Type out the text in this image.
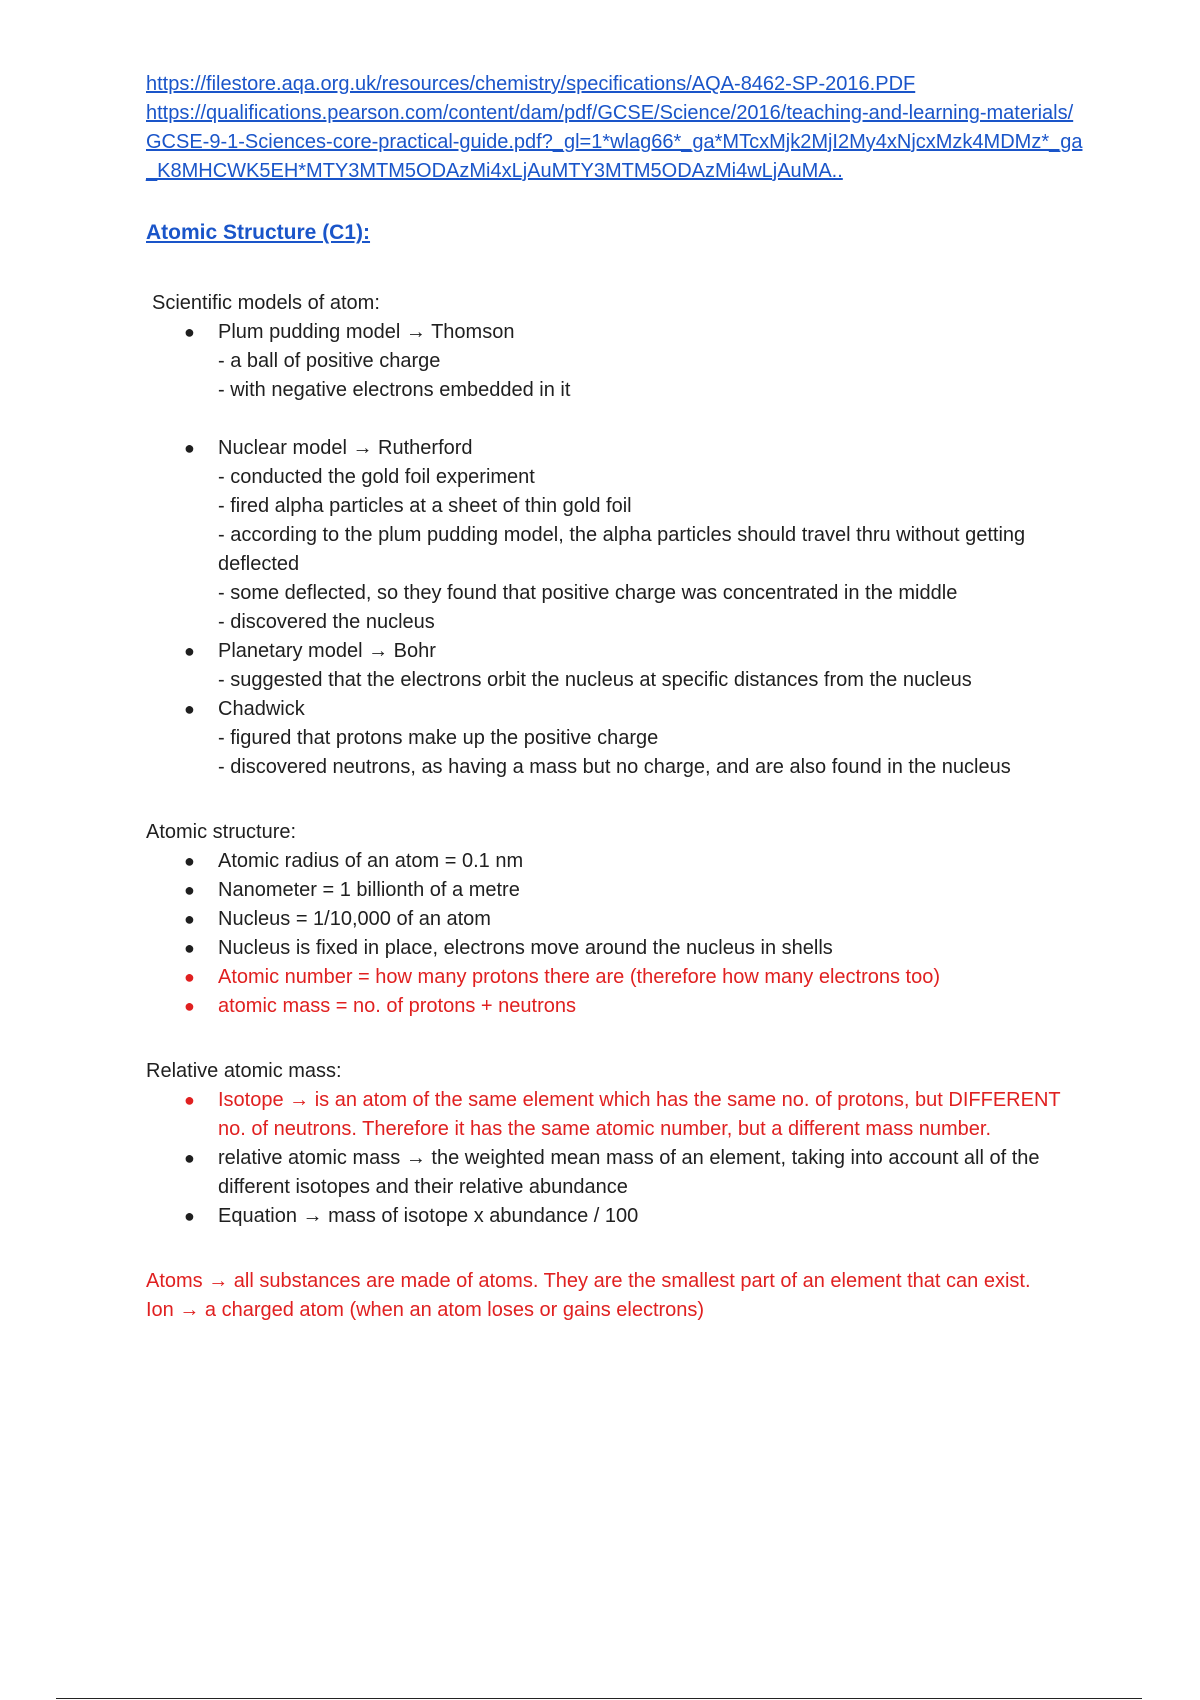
https://filestore.aqa.org.uk/resources/chemistry/specifications/AQA-8462-SP-2016.PDF
https://qualifications.pearson.com/content/dam/pdf/GCSE/Science/2016/teaching-and-learning-materials/GCSE-9-1-Sciences-core-practical-guide.pdf?_gl=1*wlag66*_ga*MTcxMjk2MjI2My4xNjcxMzk4MDMz*_ga_K8MHCWK5EH*MTY3MTM5ODAzMi4xLjAuMTY3MTM5ODAzMi4wLjAuMA..
Atomic Structure (C1):
Scientific models of atom:
● Plum pudding model → Thomson
- a ball of positive charge
- with negative electrons embedded in it
● Nuclear model → Rutherford
- conducted the gold foil experiment
- fired alpha particles at a sheet of thin gold foil
- according to the plum pudding model, the alpha particles should travel thru without getting deflected
- some deflected, so they found that positive charge was concentrated in the middle
- discovered the nucleus
● Planetary model → Bohr
- suggested that the electrons orbit the nucleus at specific distances from the nucleus
● Chadwick
- figured that protons make up the positive charge
- discovered neutrons, as having a mass but no charge, and are also found in the nucleus
Atomic structure:
● Atomic radius of an atom = 0.1 nm
● Nanometer = 1 billionth of a metre
● Nucleus = 1/10,000 of an atom
● Nucleus is fixed in place, electrons move around the nucleus in shells
● Atomic number = how many protons there are (therefore how many electrons too)
● atomic mass = no. of protons + neutrons
Relative atomic mass:
● Isotope → is an atom of the same element which has the same no. of protons, but DIFFERENT no. of neutrons. Therefore it has the same atomic number, but a different mass number.
● relative atomic mass → the weighted mean mass of an element, taking into account all of the different isotopes and their relative abundance
● Equation → mass of isotope x abundance / 100
Atoms → all substances are made of atoms. They are the smallest part of an element that can exist.
Ion → a charged atom (when an atom loses or gains electrons)
